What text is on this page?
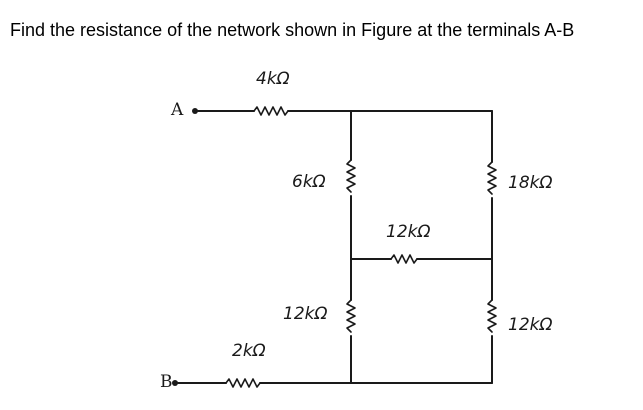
Find the resistance of the network shown in Figure at the terminals A-B

A
4kΩ
6kΩ
12kΩ
12kΩ
18kΩ
12kΩ
B
2kΩ
